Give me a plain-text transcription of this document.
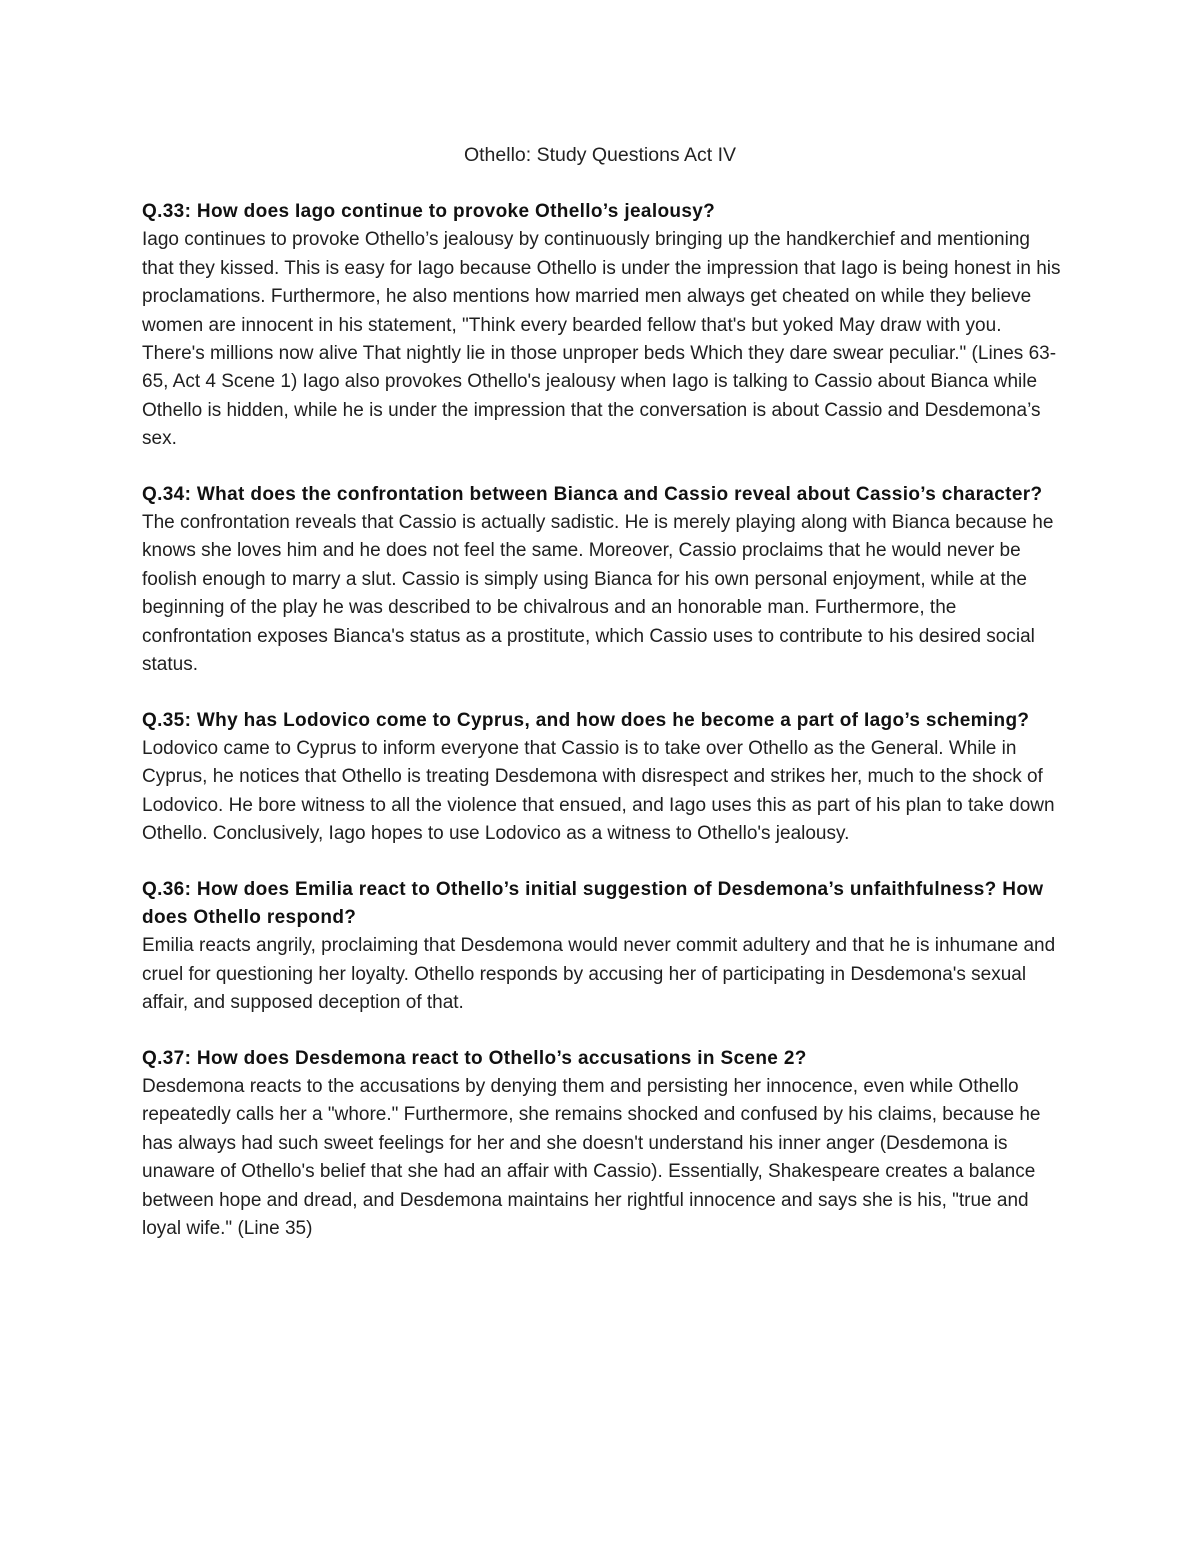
Othello: Study Questions Act IV
Q.33: How does Iago continue to provoke Othello’s jealousy?
Iago continues to provoke Othello’s jealousy by continuously bringing up the handkerchief and mentioning that they kissed. This is easy for Iago because Othello is under the impression that Iago is being honest in his proclamations. Furthermore, he also mentions how married men always get cheated on while they believe women are innocent in his statement, "Think every bearded fellow that's but yoked May draw with you. There's millions now alive That nightly lie in those unproper beds Which they dare swear peculiar." (Lines 63-65, Act 4 Scene 1) Iago also provokes Othello's jealousy when Iago is talking to Cassio about Bianca while Othello is hidden, while he is under the impression that the conversation is about Cassio and Desdemona’s sex.
Q.34: What does the confrontation between Bianca and Cassio reveal about Cassio’s character?
The confrontation reveals that Cassio is actually sadistic. He is merely playing along with Bianca because he knows she loves him and he does not feel the same. Moreover, Cassio proclaims that he would never be foolish enough to marry a slut. Cassio is simply using Bianca for his own personal enjoyment, while at the beginning of the play he was described to be chivalrous and an honorable man. Furthermore, the confrontation exposes Bianca's status as a prostitute, which Cassio uses to contribute to his desired social status.
Q.35: Why has Lodovico come to Cyprus, and how does he become a part of Iago’s scheming?
Lodovico came to Cyprus to inform everyone that Cassio is to take over Othello as the General. While in Cyprus, he notices that Othello is treating Desdemona with disrespect and strikes her, much to the shock of Lodovico. He bore witness to all the violence that ensued, and Iago uses this as part of his plan to take down Othello. Conclusively, Iago hopes to use Lodovico as a witness to Othello's jealousy.
Q.36: How does Emilia react to Othello’s initial suggestion of Desdemona’s unfaithfulness? How does Othello respond?
Emilia reacts angrily, proclaiming that Desdemona would never commit adultery and that he is inhumane and cruel for questioning her loyalty. Othello responds by accusing her of participating in Desdemona's sexual affair, and supposed deception of that.
Q.37: How does Desdemona react to Othello’s accusations in Scene 2?
Desdemona reacts to the accusations by denying them and persisting her innocence, even while Othello repeatedly calls her a "whore." Furthermore, she remains shocked and confused by his claims, because he has always had such sweet feelings for her and she doesn't understand his inner anger (Desdemona is unaware of Othello's belief that she had an affair with Cassio). Essentially, Shakespeare creates a balance between hope and dread, and Desdemona maintains her rightful innocence and says she is his, "true and loyal wife." (Line 35)
